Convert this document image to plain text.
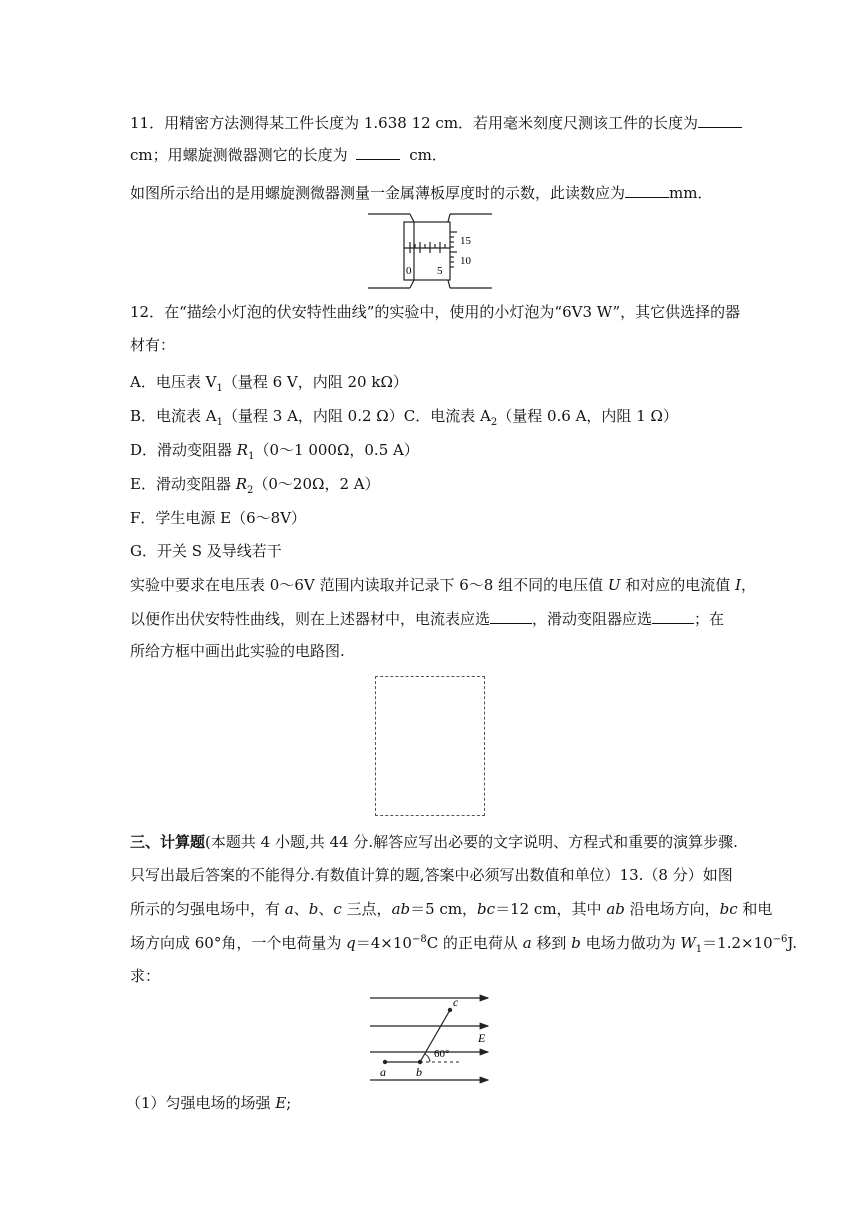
11．用精密方法测得某工件长度为 1.638 12 cm．若用毫米刻度尺测该工件的长度为
cm；用螺旋测微器测它的长度为	cm．
如图所示给出的是用螺旋测微器测量一金属薄板厚度时的示数，此读数应为	mm．
15
10
0 5
12．在“描绘小灯泡的伏安特性曲线”的实验中，使用的小灯泡为“6V3 W”，其它供选择的器
材有：
A．电压表 $V_1$（量程 6 V，内阻 20 kΩ）
B．电流表 $A_1$（量程 3 A，内阻 0.2 Ω）C．电流表 $A_2$（量程 0.6 A，内阻 1 Ω）
D．滑动变阻器 $R_1(0\sim 1$ 000Ω，0.5 A）
E．滑动变阻器 $R_2(0\sim 20\Omega$，2 A）
F．学生电源 E（6～8V）
G．开关 S 及导线若干
实验中要求在电压表 0～6V 范围内读取并记录下 6～8 组不同的电压值 U 和对应的电流值 I，
以便作出伏安特性曲线，则在上述器材中，电流表应选	，滑动变阻器应选	；在
所给方框中画出此实验的电路图.
三、计算题(本题共 4 小题,共 44 分.解答应写出必要的文字说明、方程式和重要的演算步骤.
只写出最后答案的不能得分.有数值计算的题,答案中必须写出数值和单位）13.（8 分）如图
所示的匀强电场中，有 a、b、c 三点，ab＝5 cm，bc＝12 cm，其中 ab 沿电场方向，bc 和电
场方向成 60°角，一个电荷量为 $q=4\times 10^{-8}C$ 的正电荷从 a 移到 b 电场力做功为 $W_1=1.2\times 10^{-6}J$.
求：
c
E
60°
a	b
（1）匀强电场的场强 E;
